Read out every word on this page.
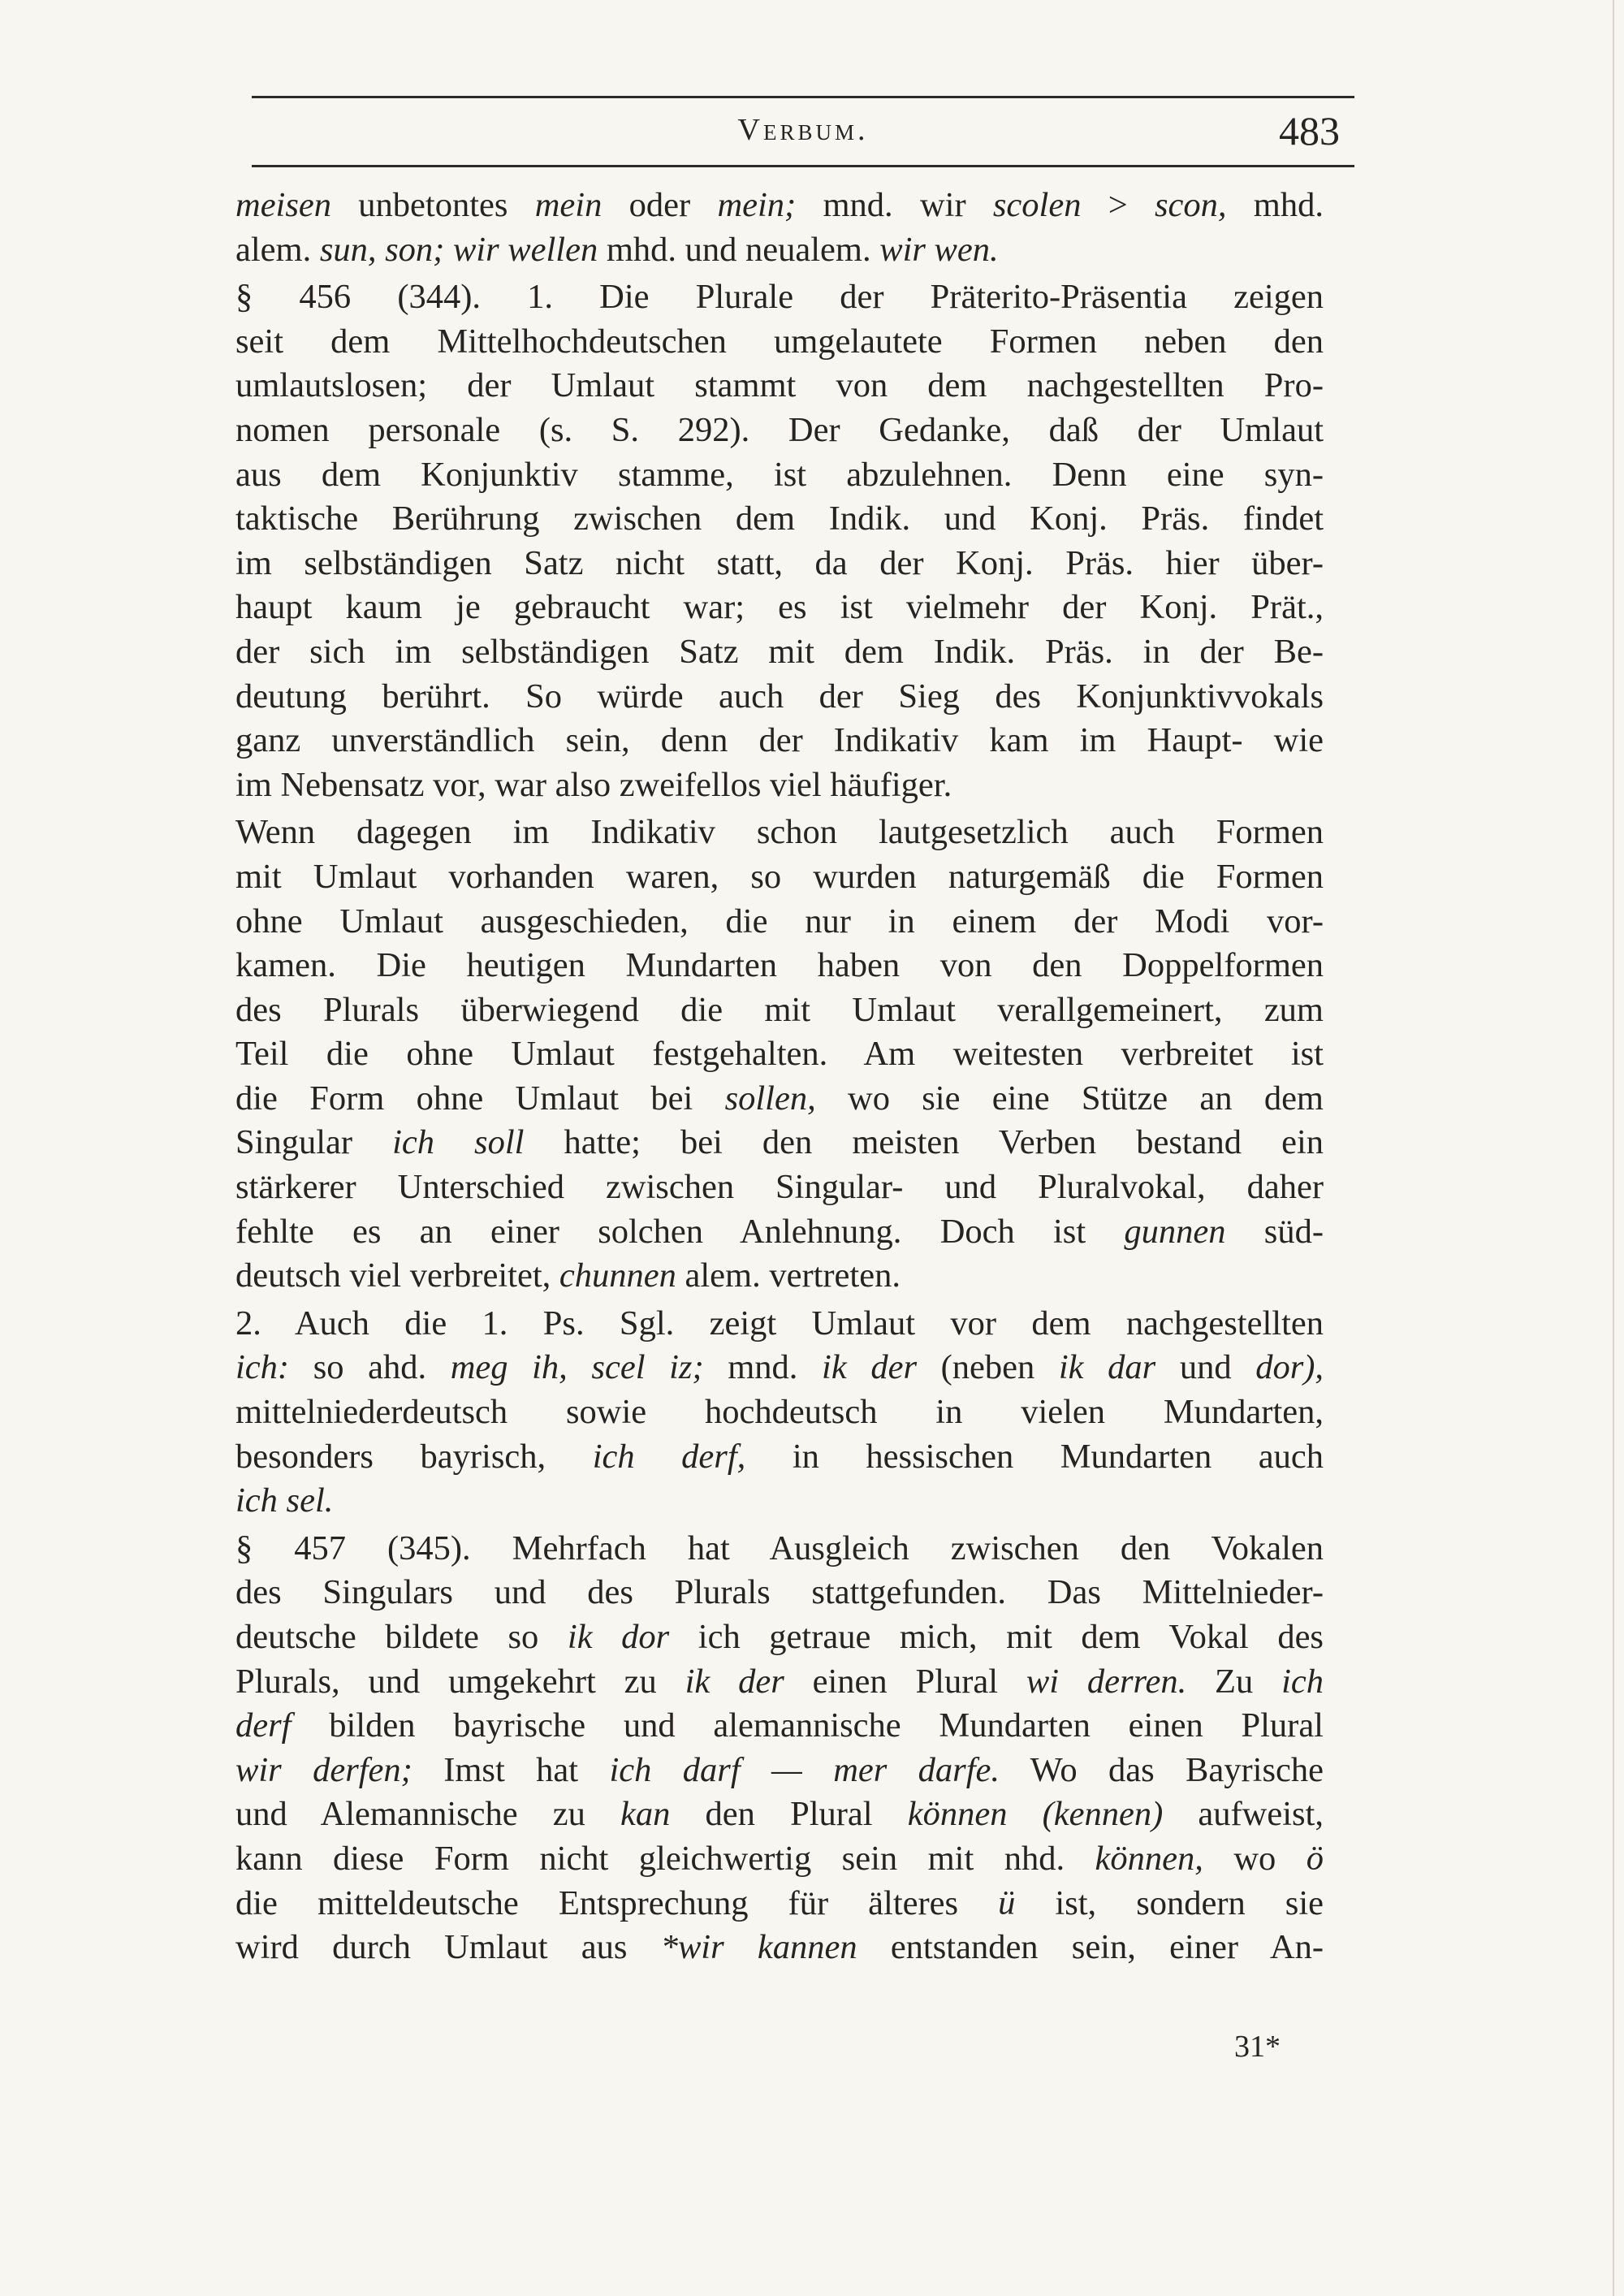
Verbum.	483
meisen unbetontes mein oder mein; mnd. wir scolen > scon, mhd.
alem. sun, son; wir wellen mhd. und neualem. wir wen.
§ 456 (344). 1. Die Plurale der Präterito-Präsentia zeigen
seit dem Mittelhochdeutschen umgelautete Formen neben den
umlautslosen; der Umlaut stammt von dem nachgestellten Pro-
nomen personale (s. S. 292). Der Gedanke, daß der Umlaut
aus dem Konjunktiv stamme, ist abzulehnen. Denn eine syn-
taktische Berührung zwischen dem Indik. und Konj. Präs. findet
im selbständigen Satz nicht statt, da der Konj. Präs. hier über-
haupt kaum je gebraucht war; es ist vielmehr der Konj. Prät.,
der sich im selbständigen Satz mit dem Indik. Präs. in der Be-
deutung berührt. So würde auch der Sieg des Konjunktivvokals
ganz unverständlich sein, denn der Indikativ kam im Haupt- wie
im Nebensatz vor, war also zweifellos viel häufiger.
Wenn dagegen im Indikativ schon lautgesetzlich auch Formen
mit Umlaut vorhanden waren, so wurden naturgemäß die Formen
ohne Umlaut ausgeschieden, die nur in einem der Modi vor-
kamen. Die heutigen Mundarten haben von den Doppelformen
des Plurals überwiegend die mit Umlaut verallgemeinert, zum
Teil die ohne Umlaut festgehalten. Am weitesten verbreitet ist
die Form ohne Umlaut bei sollen, wo sie eine Stütze an dem
Singular ich soll hatte; bei den meisten Verben bestand ein
stärkerer Unterschied zwischen Singular- und Pluralvokal, daher
fehlte es an einer solchen Anlehnung. Doch ist gunnen süd-
deutsch viel verbreitet, chunnen alem. vertreten.
2. Auch die 1. Ps. Sgl. zeigt Umlaut vor dem nachgestellten
ich: so ahd. meg ih, scel iz; mnd. ik der (neben ik dar und dor),
mittelniederdeutsch sowie hochdeutsch in vielen Mundarten,
besonders bayrisch, ich derf, in hessischen Mundarten auch
ich sel.
§ 457 (345). Mehrfach hat Ausgleich zwischen den Vokalen
des Singulars und des Plurals stattgefunden. Das Mittelnieder-
deutsche bildete so ik dor ich getraue mich, mit dem Vokal des
Plurals, und umgekehrt zu ik der einen Plural wi derren. Zu ich
derf bilden bayrische und alemannische Mundarten einen Plural
wir derfen; Imst hat ich darf — mer darfe. Wo das Bayrische
und Alemannische zu kan den Plural können (kennen) aufweist,
kann diese Form nicht gleichwertig sein mit nhd. können, wo ö
die mitteldeutsche Entsprechung für älteres ü ist, sondern sie
wird durch Umlaut aus *wir kannen entstanden sein, einer An-
31*
